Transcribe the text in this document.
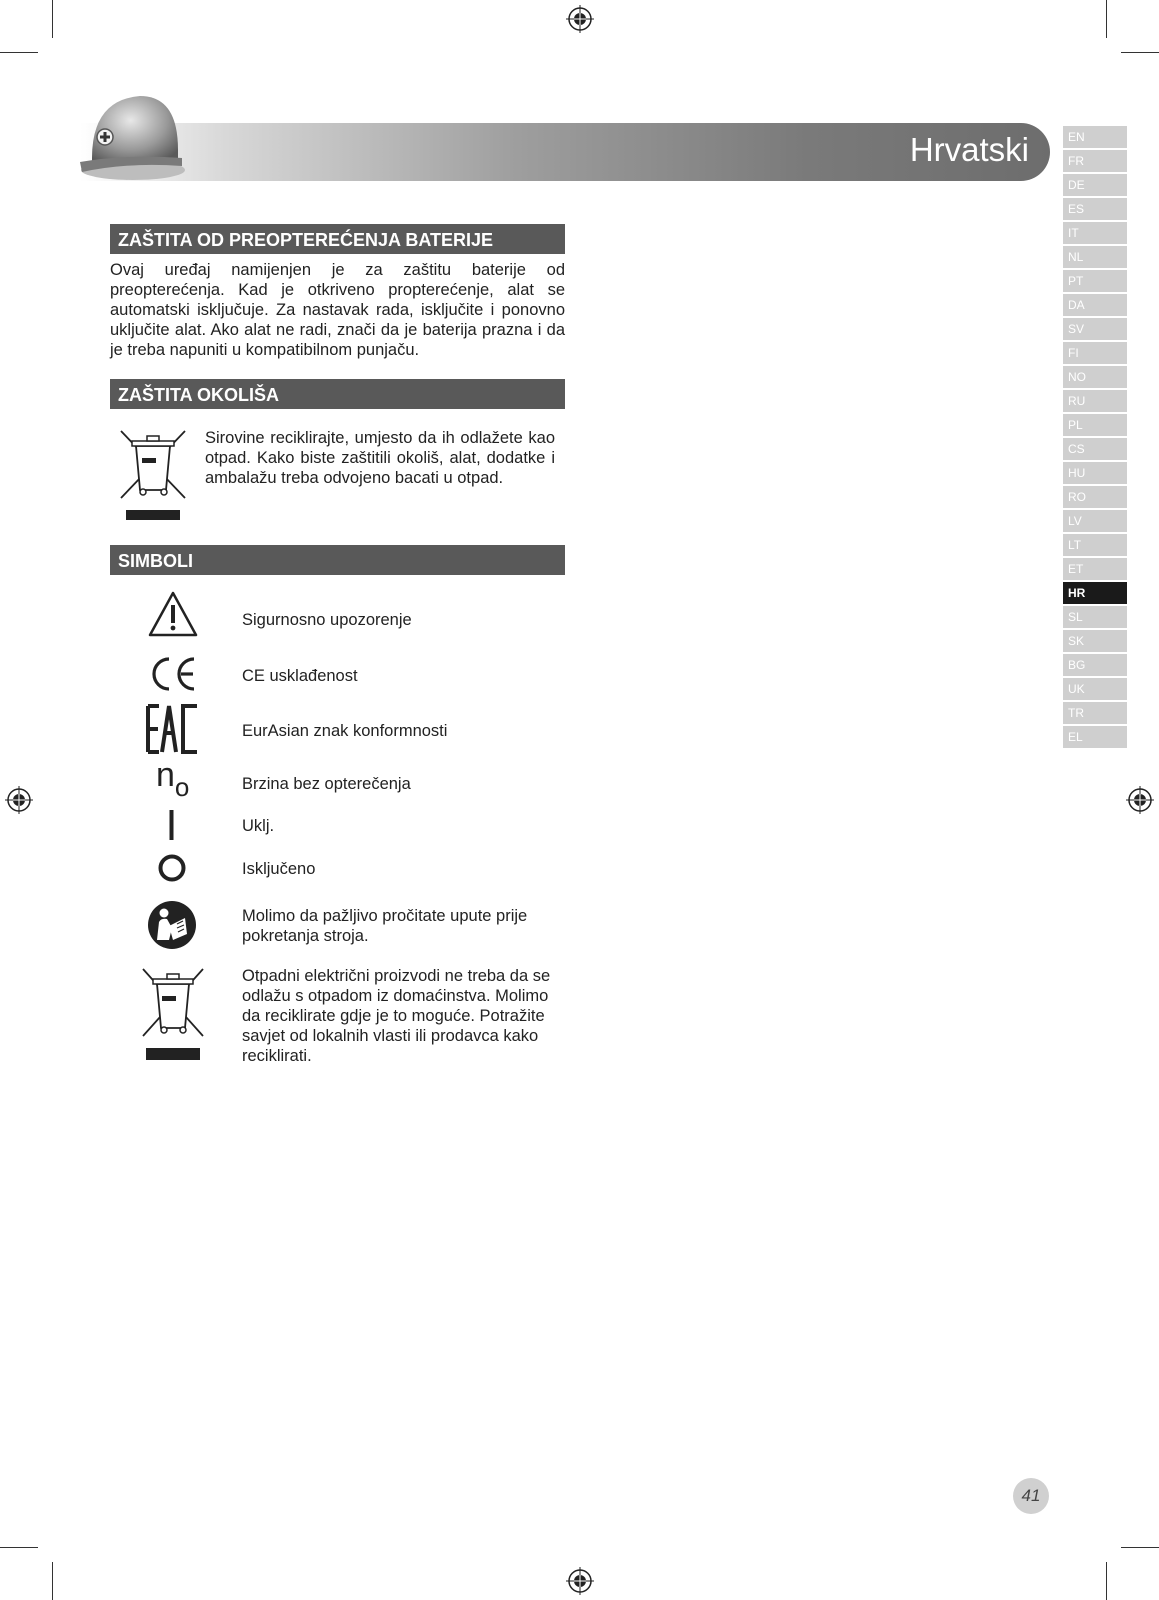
Hrvatski	EN
FR
DE
ES
IT
NL
PT
DA
SV
FI
NO
RU
PL
CS
HU
RO
LV
LT
ET
HR
SL
SK
BG
UK
TR
EL
ZAŠTITA OD PREOPTEREĆENJA BATERIJE
Ovaj uređaj namijenjen je za zaštitu baterije od preopterećenja. Kad je otkriveno propterećenje, alat se automatski isključuje. Za nastavak rada, isključite i ponovno uključite alat. Ako alat ne radi, znači da je baterija prazna i da je treba napuniti u kompatibilnom punjaču.
ZAŠTITA OKOLIŠA
Sirovine reciklirajte, umjesto da ih odlažete kao otpad. Kako biste zaštitili okoliš, alat, dodatke i ambalažu treba odvojeno bacati u otpad.
SIMBOLI
Sigurnosno upozorenje
CE usklađenost
EurAsian znak konformnosti
$n_o$	Brzina bez opterečenja
Uklj.
Isključeno
Molimo da pažljivo pročitate upute prije pokretanja stroja.
Otpadni električni proizvodi ne treba da se odlažu s otpadom iz domaćinstva. Molimo da reciklirate gdje je to moguće. Potražite savjet od lokalnih vlasti ili prodavca kako reciklirati.
41
